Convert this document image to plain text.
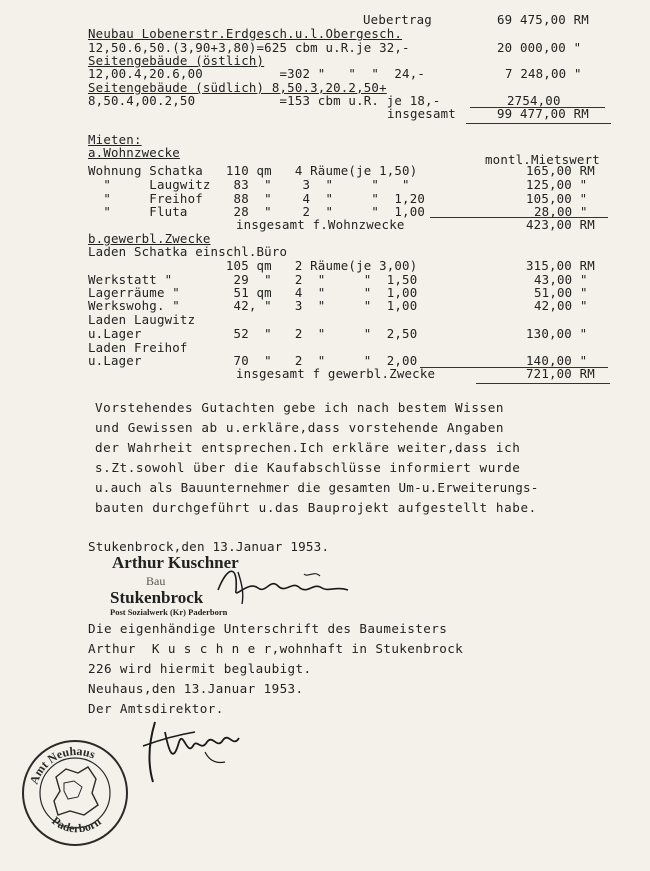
Uebertrag	69 475,00 RM
Neubau Lobenerstr.Erdgesch.u.l.Obergesch.
12,50.6,50.(3,90+3,80)=625 cbm u.R.je 32,-	20 000,00 "
Seitengebäude (östlich)
12,00.4,20.6,00          =302 "   "  "  24,-	7 248,00 "
Seitengebäude (südlich) 8,50.3,20.2,50+
8,50.4,00.2,50           =153 cbm u.R. je 18,-	2754,00
insgesamt	99 477,00 RM
Mieten:
a.Wohnzwecke	montl.Mietswert
Wohnung Schatka   110 qm   4 Räume(je 1,50)	165,00 RM
"     Laugwitz   83  "    3  "     "   "	125,00 "
"     Freihof    88  "    4  "     "  1,20	105,00 "
"     Fluta      28  "    2  "     "  1,00	28,00 "
insgesamt f.Wohnzwecke	423,00 RM
b.gewerbl.Zwecke
Laden Schatka einschl.Büro
105 qm   2 Räume(je 3,00)	315,00 RM
Werkstatt "        29  "   2  "     "  1,50	43,00 "
Lagerräume "       51 qm   4  "     "  1,00	51,00 "
Werkswohg. "       42, "   3  "     "  1,00	42,00 "
Laden Laugwitz
u.Lager            52  "   2  "     "  2,50	130,00 "
Laden Freihof
u.Lager            70  "   2  "     "  2,00	140,00 "
insgesamt f gewerbl.Zwecke	721,00 RM
Vorstehendes Gutachten gebe ich nach bestem Wissen
und Gewissen ab u.erkläre,dass vorstehende Angaben
der Wahrheit entsprechen.Ich erkläre weiter,dass ich
s.Zt.sowohl über die Kaufabschlüsse informiert wurde
u.auch als Bauunternehmer die gesamten Um-u.Erweiterungs-
bauten durchgeführt u.das Bauprojekt aufgestellt habe.
Stukenbrock,den 13.Januar 1953.
Arthur Kuschner
Bau
Stukenbrock
Post Sozialwerk (Kr) Paderborn
Die eigenhändige Unterschrift des Baumeisters
Arthur  K u s c h n e r,wohnhaft in Stukenbrock
226 wird hiermit beglaubigt.
Neuhaus,den 13.Januar 1953.
Der Amtsdirektor.
Amt Neuhaus
Paderborn
